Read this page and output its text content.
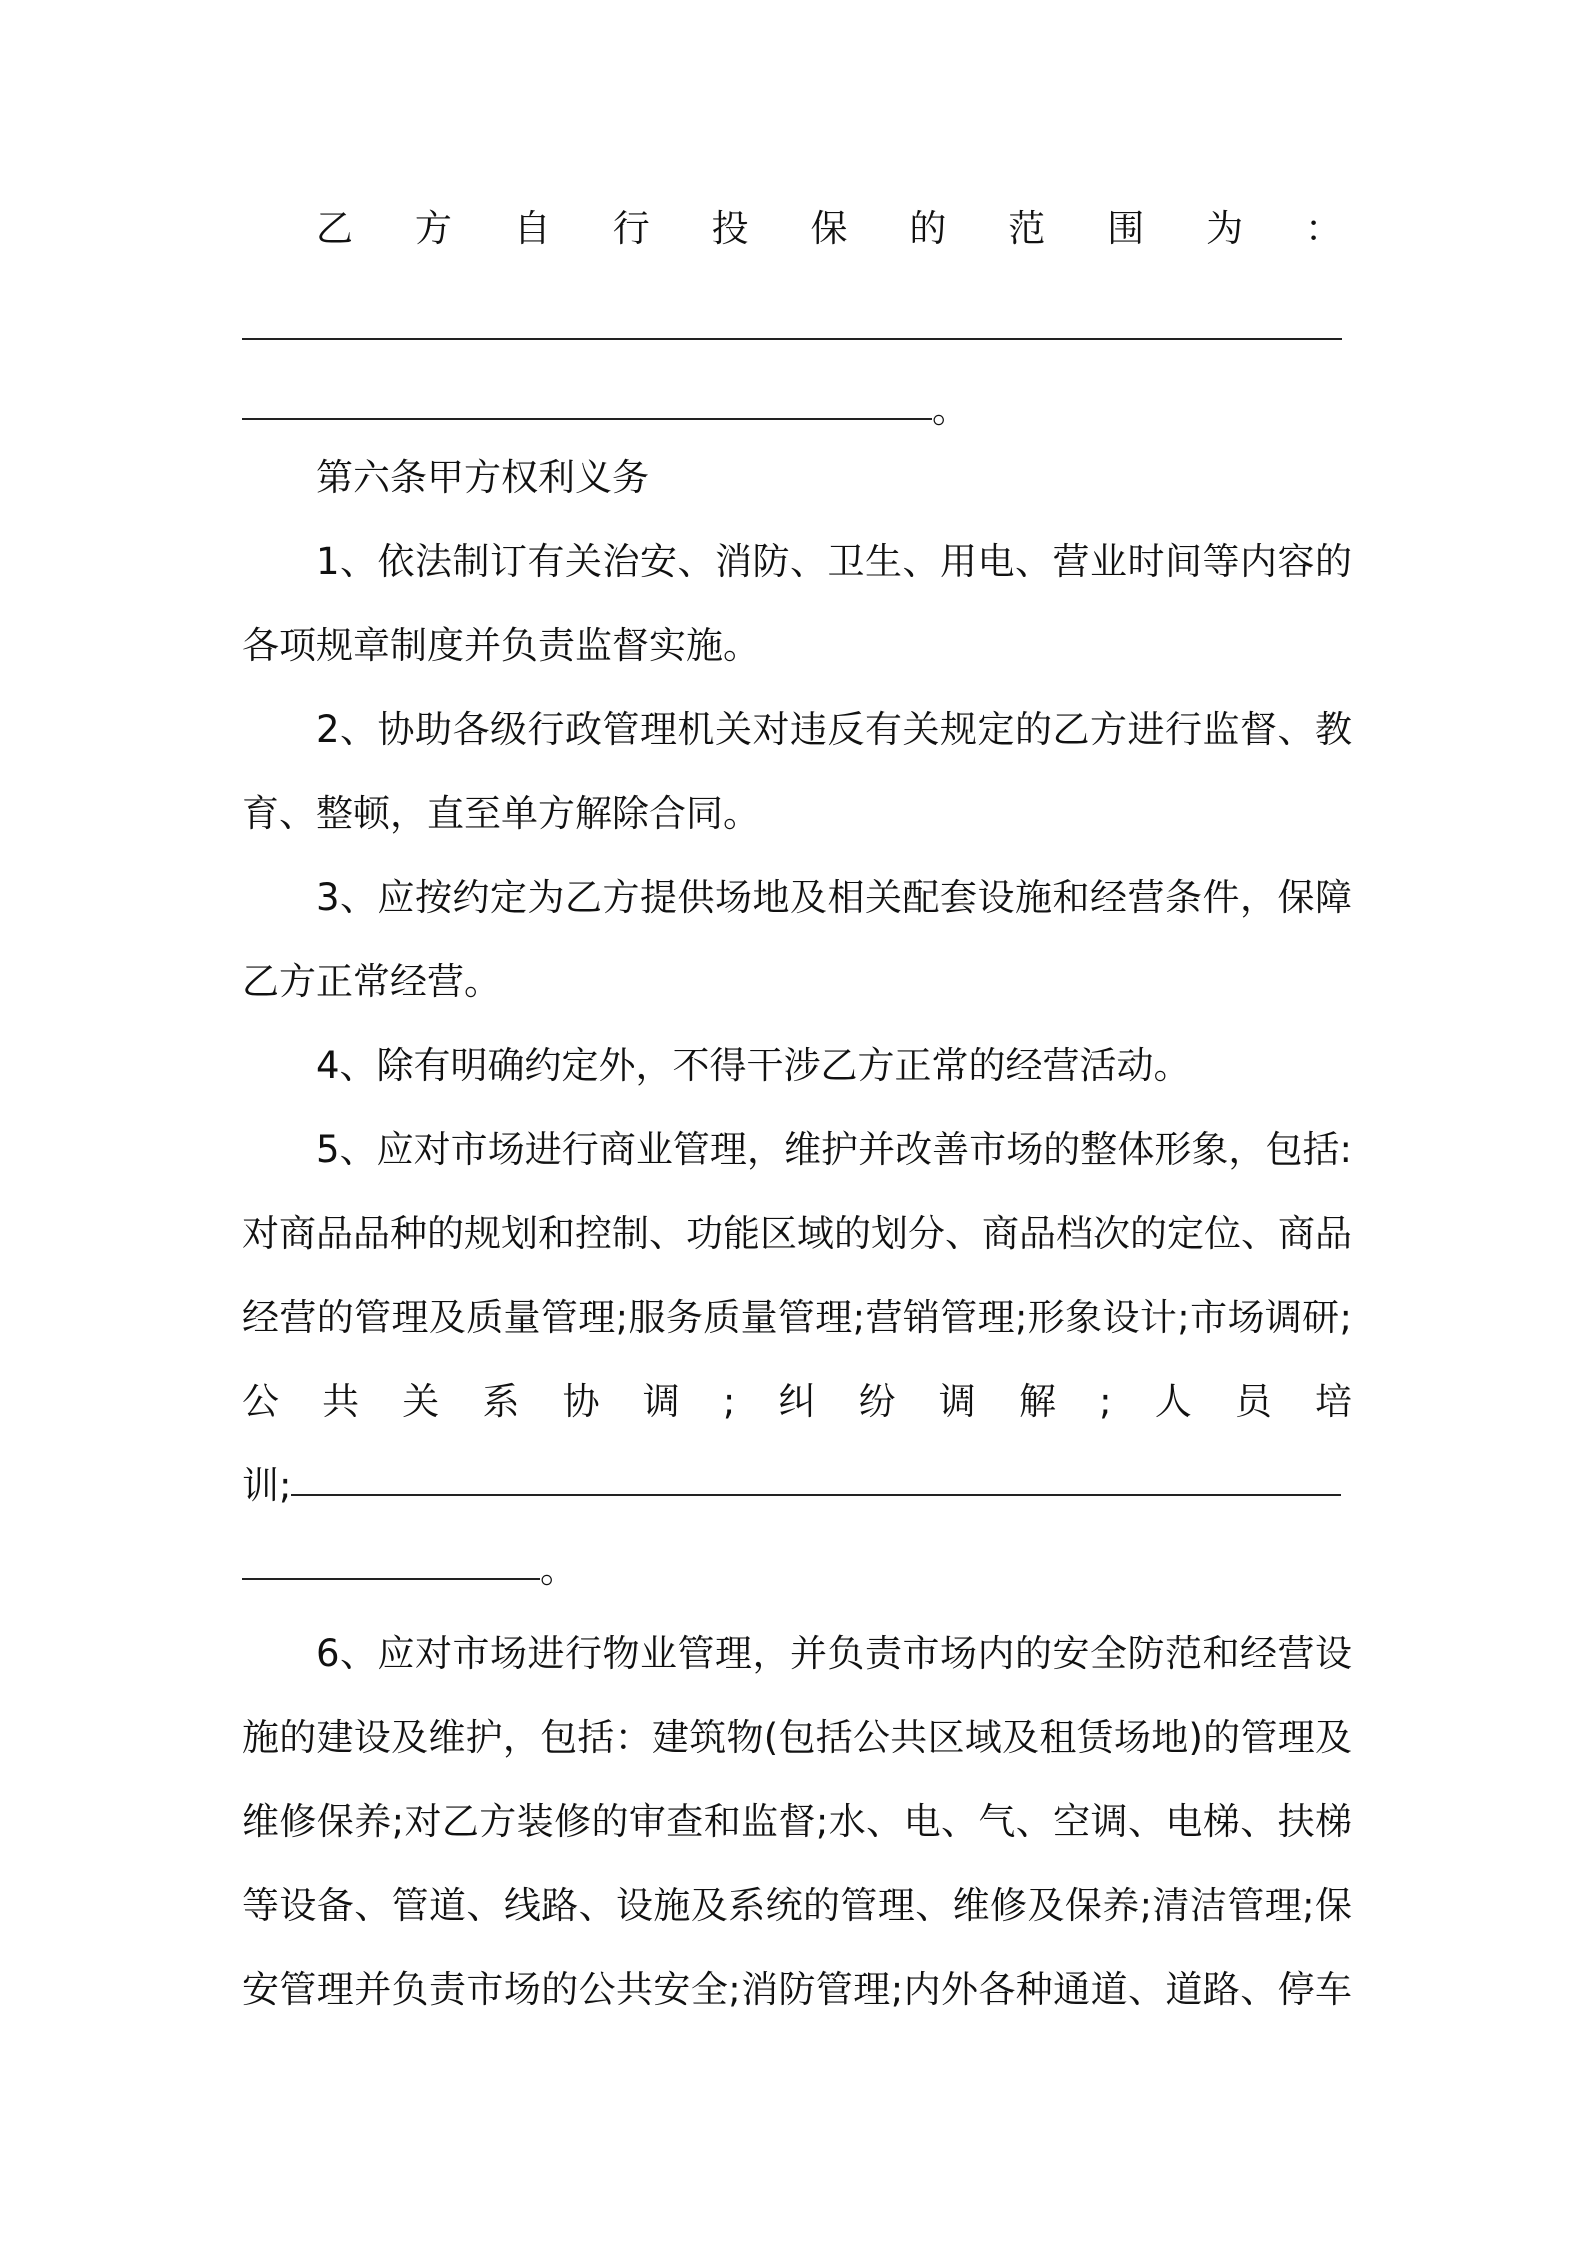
乙方自行投保的范围为：
。
第六条甲方权利义务
1、依法制订有关治安、消防、卫生、用电、营业时间等内容的
各项规章制度并负责监督实施。
2、协助各级行政管理机关对违反有关规定的乙方进行监督、教
育、整顿，直至单方解除合同。
3、应按约定为乙方提供场地及相关配套设施和经营条件，保障
乙方正常经营。
4、除有明确约定外，不得干涉乙方正常的经营活动。
5、应对市场进行商业管理，维护并改善市场的整体形象，包括:
对商品品种的规划和控制、功能区域的划分、商品档次的定位、商品
经营的管理及质量管理;服务质量管理;营销管理;形象设计;市场调研;
公共关系协调;纠纷调解;人员培
训;
。
6、应对市场进行物业管理，并负责市场内的安全防范和经营设
施的建设及维护，包括：建筑物(包括公共区域及租赁场地)的管理及
维修保养;对乙方装修的审查和监督;水、电、气、空调、电梯、扶梯
等设备、管道、线路、设施及系统的管理、维修及保养;清洁管理;保
安管理并负责市场的公共安全;消防管理;内外各种通道、道路、停车
